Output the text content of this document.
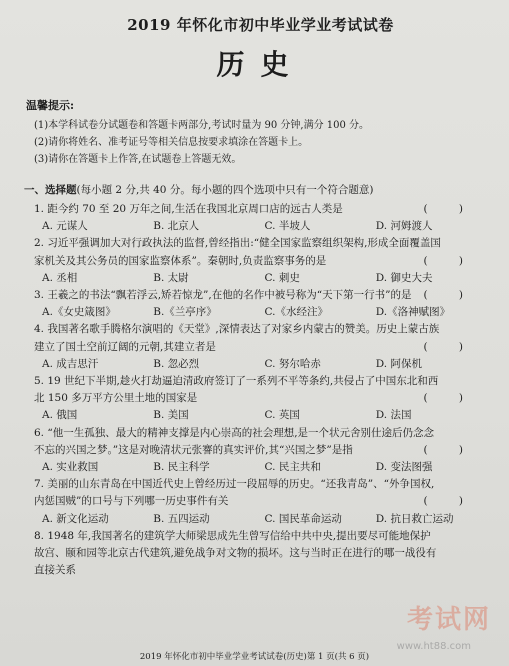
2019 年怀化市初中毕业学业考试试卷
历史
温馨提示:
(1)本学科试卷分试题卷和答题卡两部分,考试时量为 90 分钟,满分 100 分。
(2)请你将姓名、准考证号等相关信息按要求填涂在答题卡上。
(3)请你在答题卡上作答,在试题卷上答题无效。
一、选择题(每小题 2 分,共 40 分。每小题的四个选项中只有一个符合题意)
1. 距今约 70 至 20 万年之间,生活在我国北京周口店的远古人类是	( )
A. 元谋人	B. 北京人	C. 半坡人	D. 河姆渡人
2. 习近平强调加大对行政执法的监督,曾经指出:“健全国家监察组织架构,形成全面覆盖国家机关及其公务员的国家监察体系”。秦朝时,负责监察事务的是	( )
A. 丞相	B. 太尉	C. 刺史	D. 御史大夫
3. 王羲之的书法“飘若浮云,矫若惊龙”,在他的名作中被号称为“天下第一行书”的是	( )
A.《女史箴图》	B.《兰亭序》	C.《水经注》	D.《洛神赋图》
4. 我国著名歌手腾格尔演唱的《天堂》,深情表达了对家乡内蒙古的赞美。历史上蒙古族建立了国土空前辽阔的元朝,其建立者是	( )
A. 成吉思汗	B. 忽必烈	C. 努尔哈赤	D. 阿保机
5. 19 世纪下半期,趁火打劫逼迫清政府签订了一系列不平等条约,共侵占了中国东北和西北 150 多万平方公里土地的国家是	( )
A. 俄国	B. 美国	C. 英国	D. 法国
6. “他一生孤独、最大的精神支撑是内心崇高的社会理想,是一个状元舍别仕途后仍念念不忘的兴国之梦。”这是对晚清状元张謇的真实评价,其“兴国之梦”是指	( )
A. 实业救国	B. 民主科学	C. 民主共和	D. 变法图强
7. 美丽的山东青岛在中国近代史上曾经历过一段屈辱的历史。“还我青岛”、“外争国权,内惩国贼”的口号与下列哪一历史事件有关	( )
A. 新文化运动	B. 五四运动	C. 国民革命运动	D. 抗日救亡运动
8. 1948 年,我国著名的建筑学大师梁思成先生曾写信给中共中央,提出要尽可能地保护故宫、颐和园等北京古代建筑,避免战争对文物的损坏。这与当时正在进行的哪一战役有直接关系
考试网
www.ht88.com
2019 年怀化市初中毕业学业考试试卷(历史)第 1 页(共 6 页)
